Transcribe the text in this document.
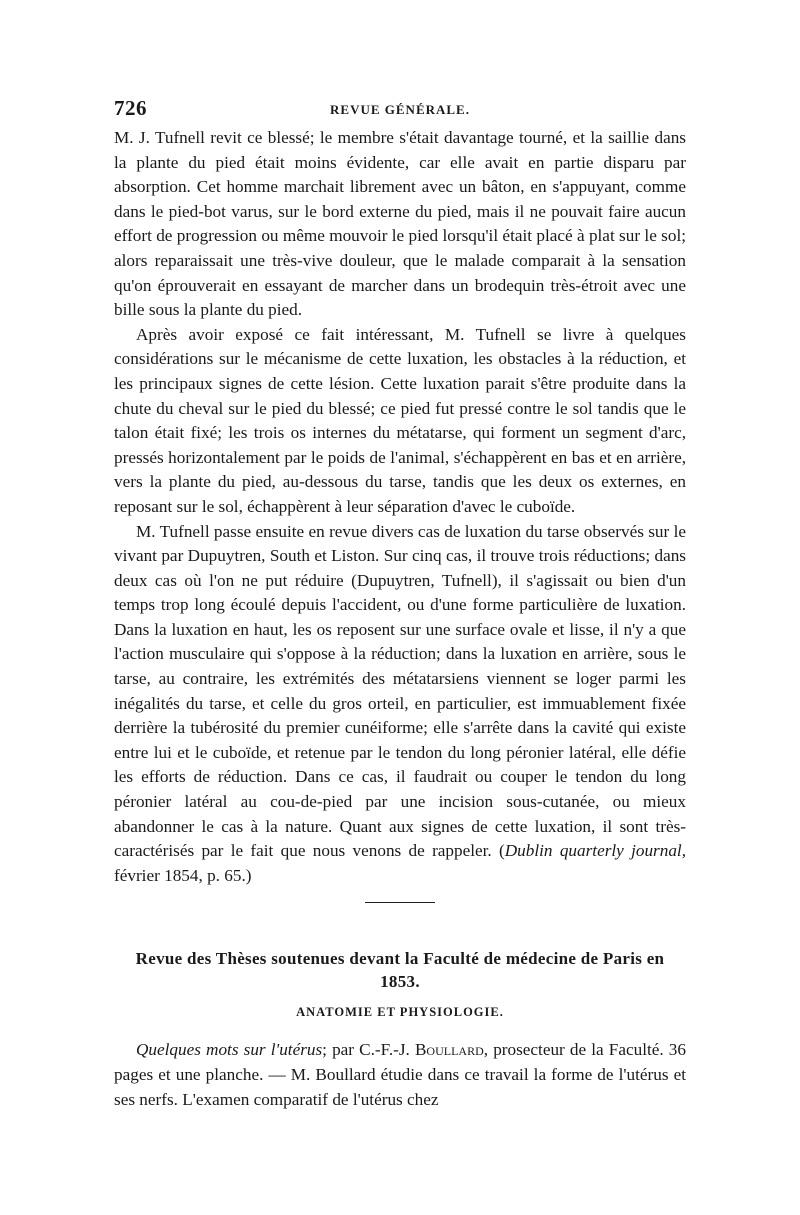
726	REVUE GÉNÉRALE.

M. J. Tufnell revit ce blessé; le membre s'était davantage tourné, et la saillie dans la plante du pied était moins évidente, car elle avait en partie disparu par absorption. Cet homme marchait librement avec un bâton, en s'appuyant, comme dans le pied-bot varus, sur le bord externe du pied, mais il ne pouvait faire aucun effort de progression ou même mouvoir le pied lorsqu'il était placé à plat sur le sol; alors reparaissait une très-vive douleur, que le malade comparait à la sensation qu'on éprouverait en essayant de marcher dans un brodequin très-étroit avec une bille sous la plante du pied.

Après avoir exposé ce fait intéressant, M. Tufnell se livre à quelques considérations sur le mécanisme de cette luxation, les obstacles à la réduction, et les principaux signes de cette lésion. Cette luxation parait s'être produite dans la chute du cheval sur le pied du blessé; ce pied fut pressé contre le sol tandis que le talon était fixé; les trois os internes du métatarse, qui forment un segment d'arc, pressés horizontalement par le poids de l'animal, s'échappèrent en bas et en arrière, vers la plante du pied, au-dessous du tarse, tandis que les deux os externes, en reposant sur le sol, échappèrent à leur séparation d'avec le cuboïde.

M. Tufnell passe ensuite en revue divers cas de luxation du tarse observés sur le vivant par Dupuytren, South et Liston. Sur cinq cas, il trouve trois réductions; dans deux cas où l'on ne put réduire (Dupuytren, Tufnell), il s'agissait ou bien d'un temps trop long écoulé depuis l'accident, ou d'une forme particulière de luxation. Dans la luxation en haut, les os reposent sur une surface ovale et lisse, il n'y a que l'action musculaire qui s'oppose à la réduction; dans la luxation en arrière, sous le tarse, au contraire, les extrémités des métatarsiens viennent se loger parmi les inégalités du tarse, et celle du gros orteil, en particulier, est immuablement fixée derrière la tubérosité du premier cunéiforme; elle s'arrête dans la cavité qui existe entre lui et le cuboïde, et retenue par le tendon du long péronier latéral, elle défie les efforts de réduction. Dans ce cas, il faudrait ou couper le tendon du long péronier latéral au cou-de-pied par une incision sous-cutanée, ou mieux abandonner le cas à la nature. Quant aux signes de cette luxation, il sont très-caractérisés par le fait que nous venons de rappeler. (Dublin quarterly journal, février 1854, p. 65.)

Revue des Thèses soutenues devant la Faculté de médecine de Paris en 1853.
ANATOMIE ET PHYSIOLOGIE.

Quelques mots sur l'utérus; par C.-F.-J. Boullard, prosecteur de la Faculté. 36 pages et une planche. — M. Boullard étudie dans ce travail la forme de l'utérus et ses nerfs. L'examen comparatif de l'utérus chez
